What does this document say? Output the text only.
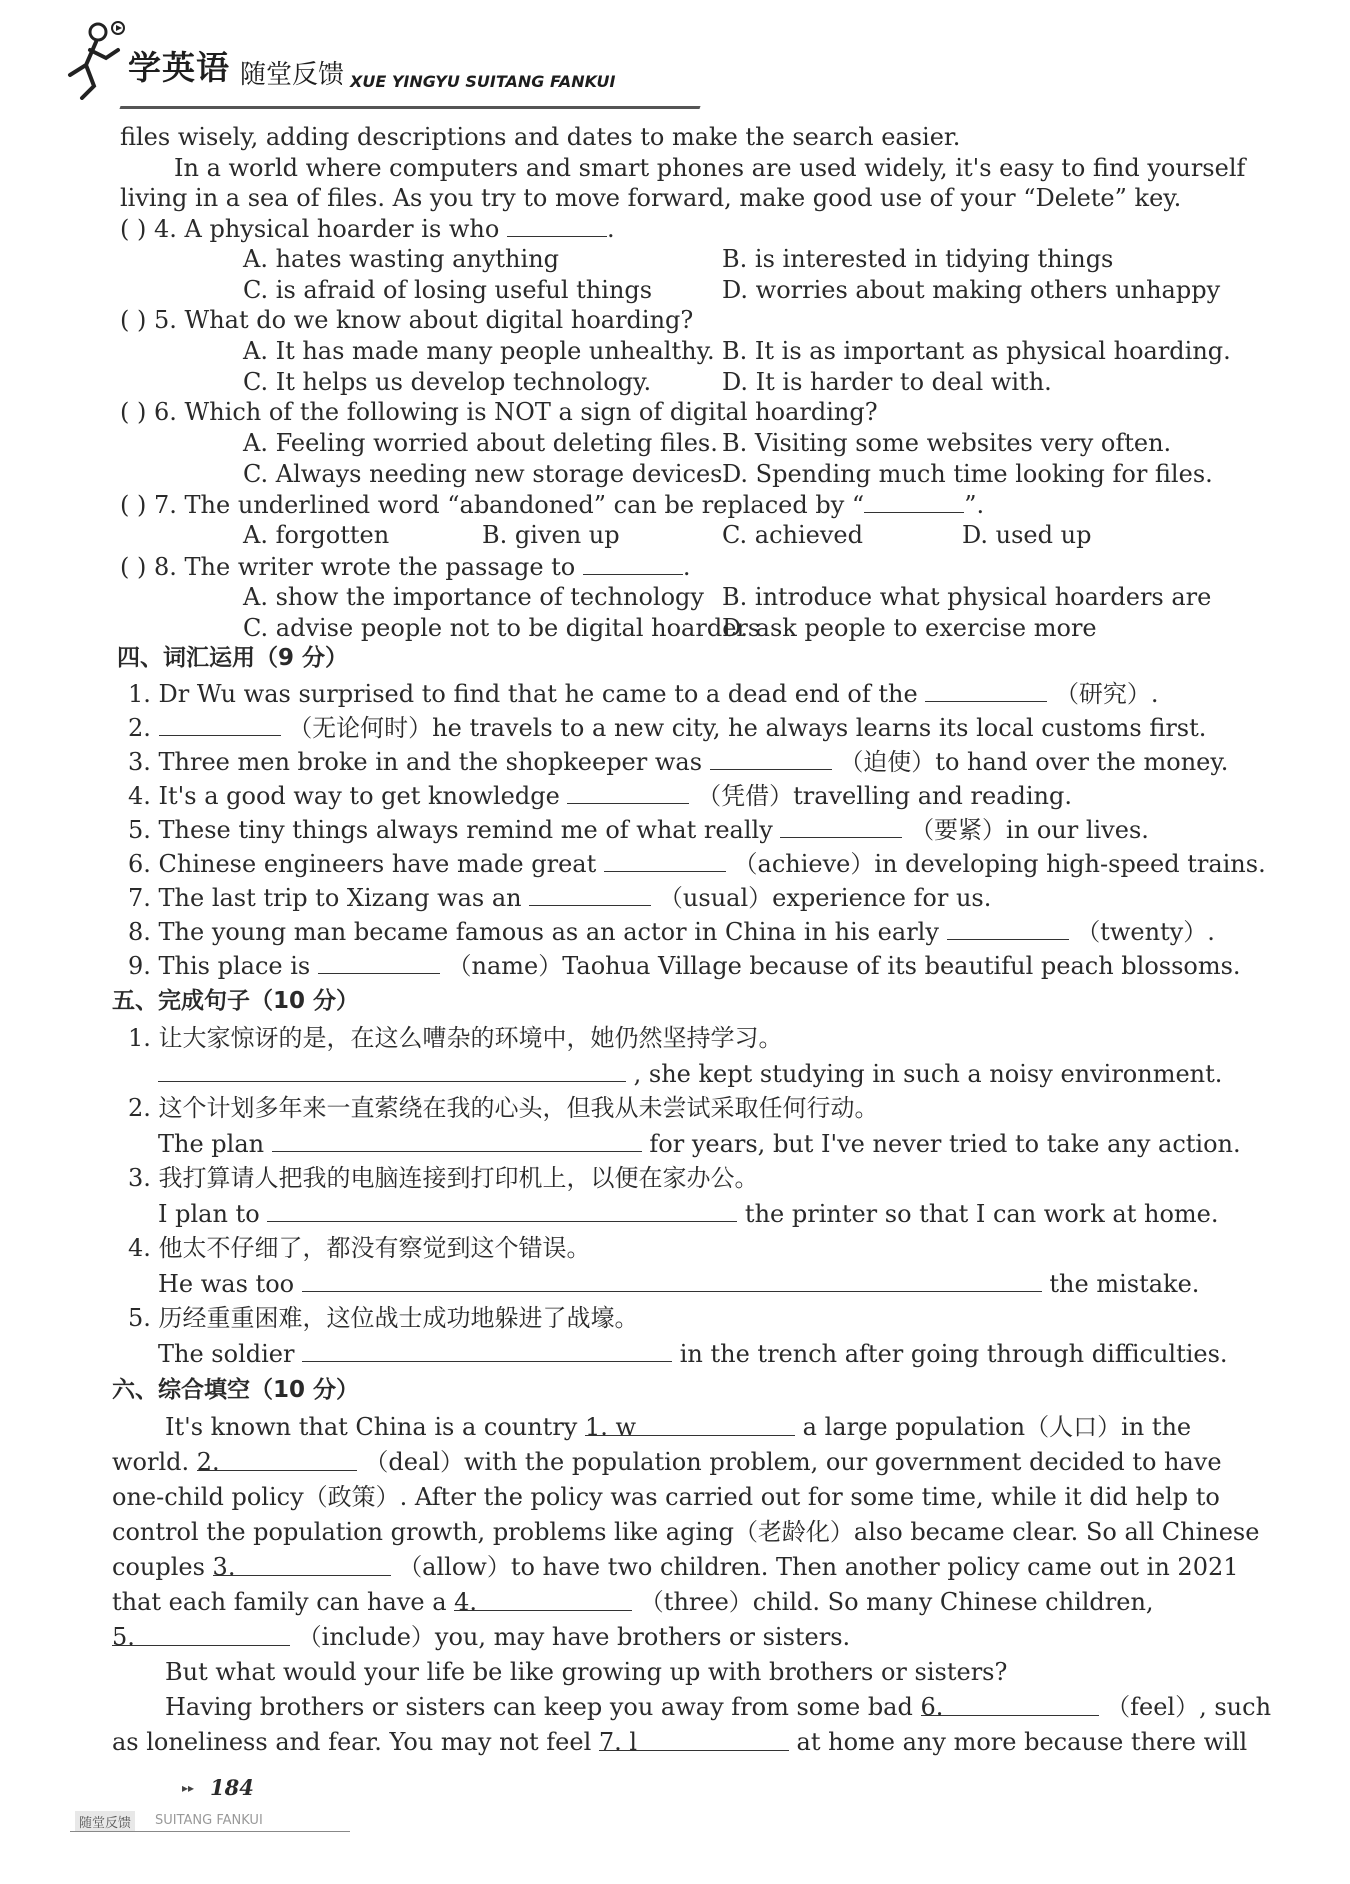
学英语 随堂反馈 XUE YINGYU SUITANG FANKUI
files wisely, adding descriptions and dates to make the search easier.
In a world where computers and smart phones are used widely, it's easy to find yourself
living in a sea of files. As you try to move forward, make good use of your “Delete” key.
( ) 4. A physical hoarder is who	.
A. hates wasting anything	B. is interested in tidying things
C. is afraid of losing useful things	D. worries about making others unhappy
( ) 5. What do we know about digital hoarding?
A. It has made many people unhealthy. B. It is as important as physical hoarding.
C. It helps us develop technology.	D. It is harder to deal with.
( ) 6. Which of the following is NOT a sign of digital hoarding?
A. Feeling worried about deleting files. B. Visiting some websites very often.
C. Always needing new storage devices.
D. Spending much time looking for files.
( ) 7. The underlined word “abandoned” can be replaced by “	”.
A. forgotten	B. given up	C. achieved	D. used up
( ) 8. The writer wrote the passage to	.
A. show the importance of technology B. introduce what physical hoarders are
C. advise people not to be digital hoarders
D. ask people to exercise more
四、词汇运用（9 分）
1. Dr Wu was surprised to find that he came to a dead end of the	（研究）.
2.	（无论何时）he travels to a new city, he always learns its local customs first.
3. Three men broke in and the shopkeeper was	（迫使）to hand over the money.
4. It's a good way to get knowledge	（凭借）travelling and reading.
5. These tiny things always remind me of what really	（要紧）in our lives.
6. Chinese engineers have made great	（achieve）in developing high-speed trains.
7. The last trip to Xizang was an	（usual）experience for us.
8. The young man became famous as an actor in China in his early	（twenty）.
9. This place is	（name）Taohua Village because of its beautiful peach blossoms.
五、完成句子（10 分）
1. 让大家惊讶的是，在这么嘈杂的环境中，她仍然坚持学习。
, she kept studying in such a noisy environment.
2. 这个计划多年来一直萦绕在我的心头，但我从未尝试采取任何行动。
The plan	for years, but I've never tried to take any action.
3. 我打算请人把我的电脑连接到打印机上，以便在家办公。
I plan to	the printer so that I can work at home.
4. 他太不仔细了，都没有察觉到这个错误。
He was too	the mistake.
5. 历经重重困难，这位战士成功地躲进了战壕。
The soldier	in the trench after going through difficulties.
六、综合填空（10 分）
It's known that China is a country 1. w	a large population（人口）in the
world. 2.	（deal）with the population problem, our government decided to have
one-child policy（政策）. After the policy was carried out for some time, while it did help to
control the population growth, problems like aging（老龄化）also became clear. So all Chinese
couples 3.	（allow）to have two children. Then another policy came out in 2021
that each family can have a 4.	（three）child. So many Chinese children,
5.	（include）you, may have brothers or sisters.
But what would your life be like growing up with brothers or sisters?
Having brothers or sisters can keep you away from some bad 6.	（feel）, such
as loneliness and fear. You may not feel 7. l	at home any more because there will
▸▸ 184
随堂反馈	SUITANG FANKUI
